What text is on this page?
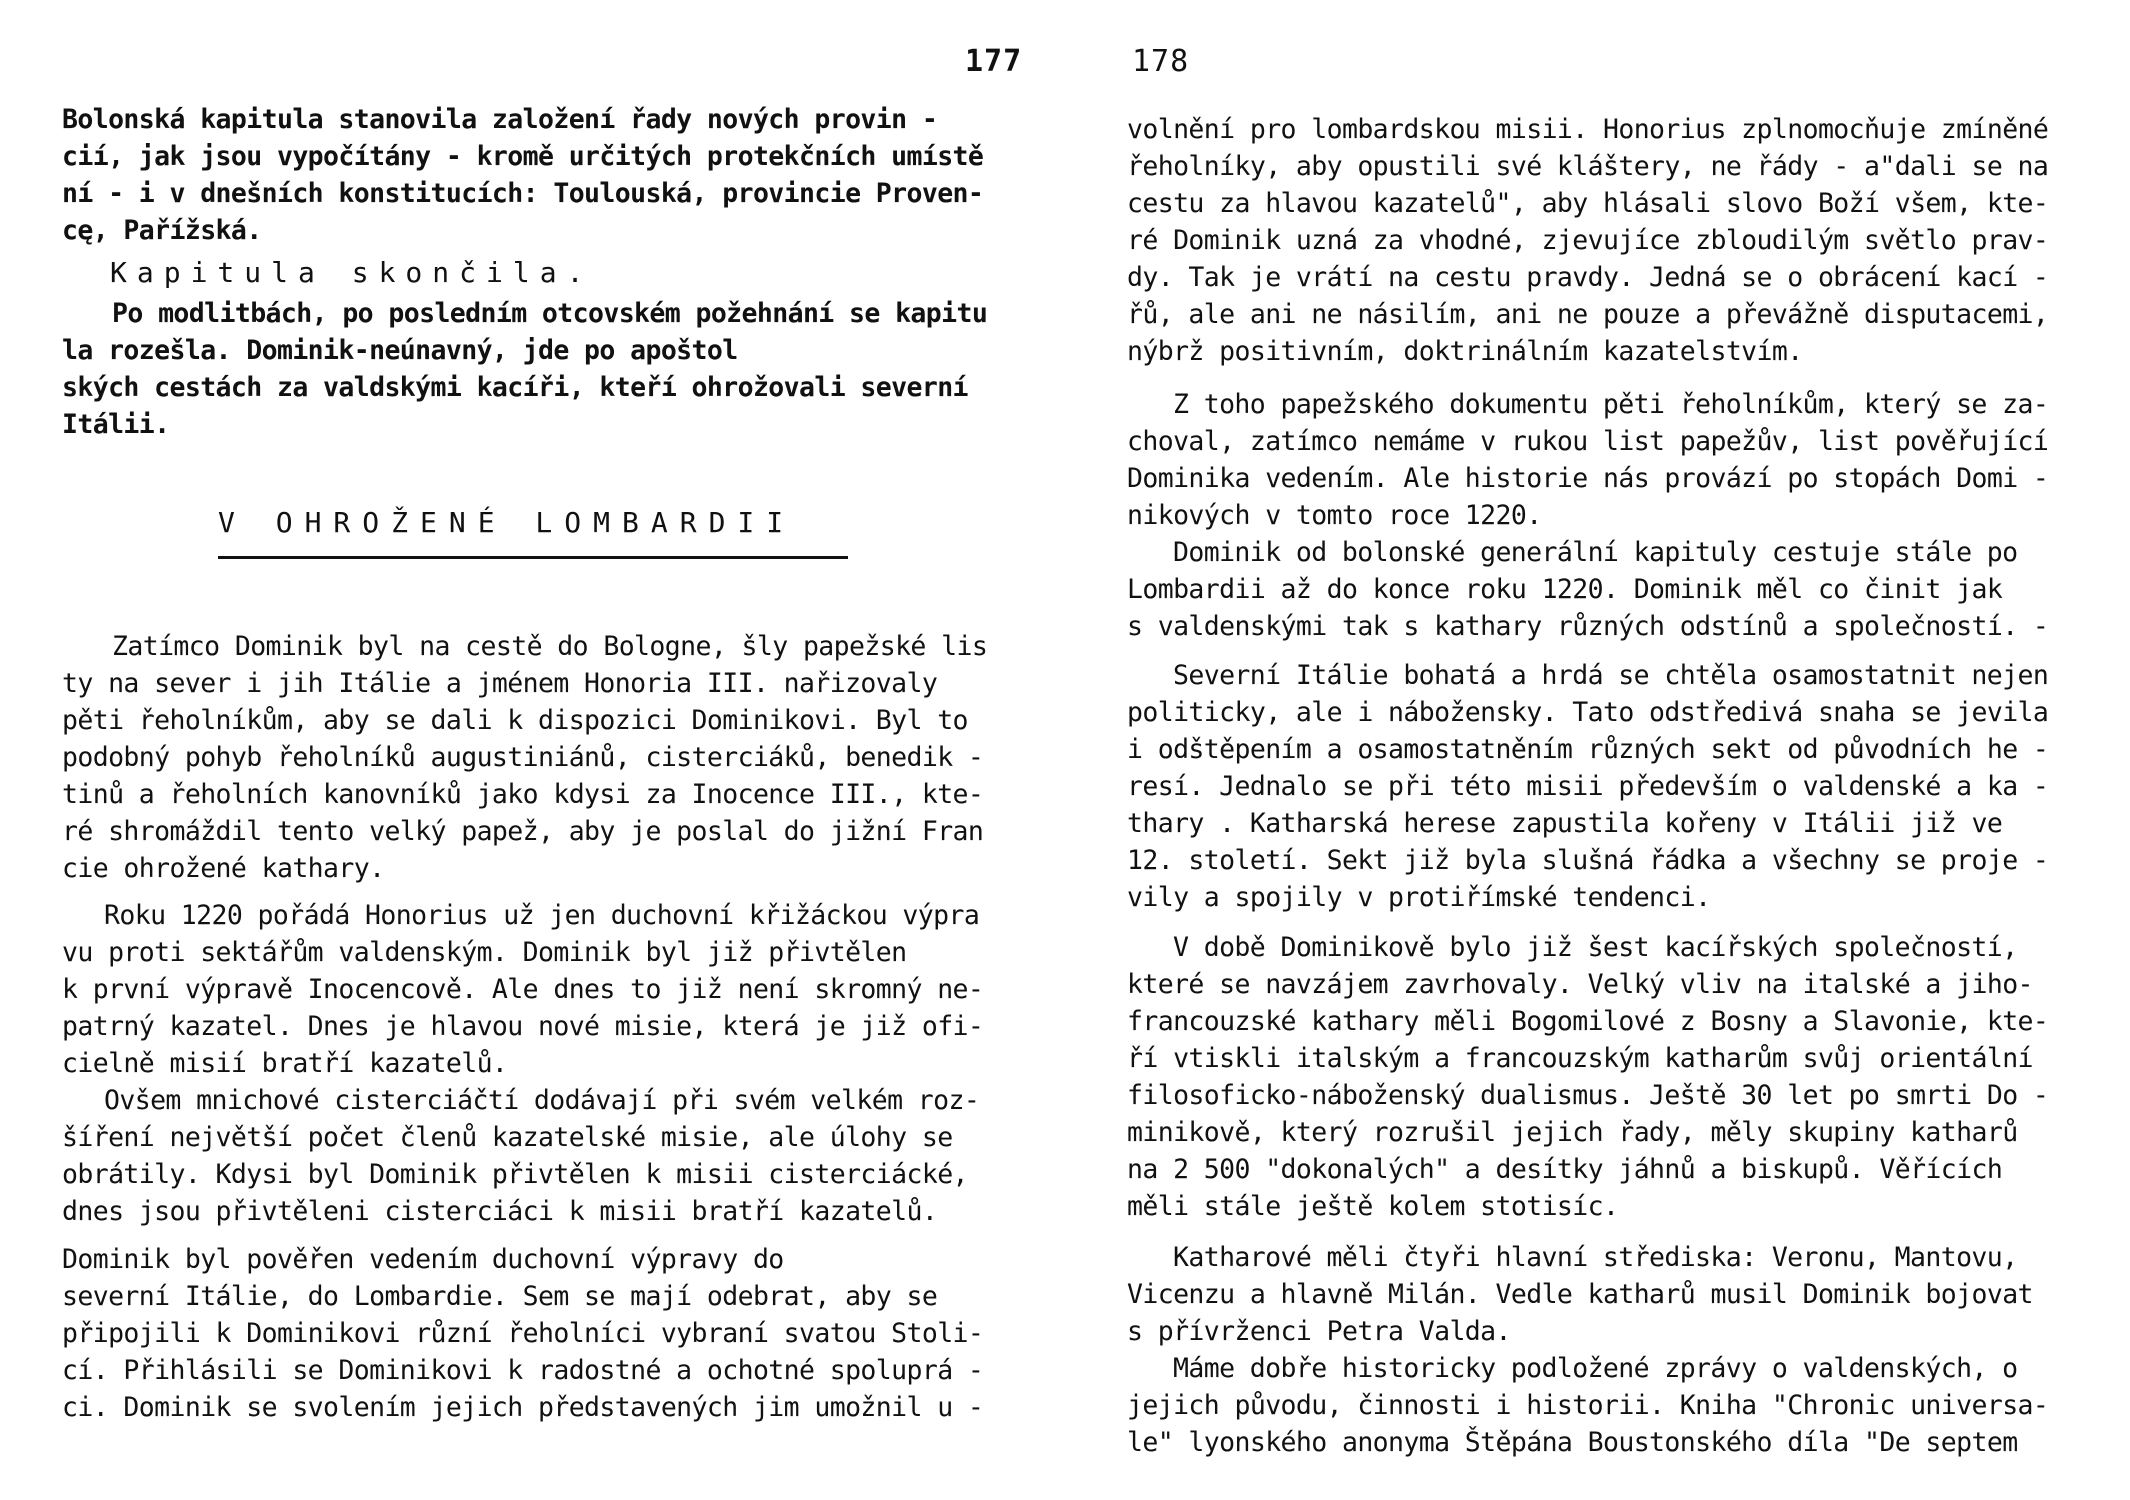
177
Bolonská kapitula stanovila založení řady nových provin -
cií, jak jsou vypočítány - kromě určitých protekčních umístě
ní - i v dnešních konstitucích: Toulouská, provincie Proven-
cę, Pařížská.
Kapitula skončila.
Po modlitbách, po posledním otcovském požehnání se kapitu
la rozešla. Dominik-neúnavný, jde po apoštol
ských cestách za valdskými kacíři, kteří ohrožovali severní
Itálii.
V OHROŽENÉ LOMBARDII
Zatímco Dominik byl na cestě do Bologne, šly papežské lis
ty na sever i jih Itálie a jménem Honoria III. nařizovaly
pěti řeholníkům, aby se dali k dispozici Dominikovi. Byl to
podobný pohyb řeholníků augustiniánů, cisterciáků, benedik -
tinů a řeholních kanovníků jako kdysi za Inocence III., kte-
ré shromáždil tento velký papež, aby je poslal do jižní Fran
cie ohrožené kathary.
Roku 1220 pořádá Honorius už jen duchovní křižáckou výpra
vu proti sektářům valdenským. Dominik byl již přivtělen
k první výpravě Inocencově. Ale dnes to již není skromný ne-
patrný kazatel. Dnes je hlavou nové misie, která je již ofi-
cielně misií bratří kazatelů.
Ovšem mnichové cisterciáčtí dodávají při svém velkém roz-
šíření největší počet členů kazatelské misie, ale úlohy se
obrátily. Kdysi byl Dominik přivtělen k misii cisterciácké,
dnes jsou přivtěleni cisterciáci k misii bratří kazatelů.
Dominik byl pověřen vedením duchovní výpravy do
severní Itálie, do Lombardie. Sem se mají odebrat, aby se
připojili k Dominikovi různí řeholníci vybraní svatou Stoli-
cí. Přihlásili se Dominikovi k radostné a ochotné spoluprá -
ci. Dominik se svolením jejich představených jim umožnil u -
178
volnění pro lombardskou misii. Honorius zplnomocňuje zmíněné
řeholníky, aby opustili své kláštery, ne řády - a"dali se na
cestu za hlavou kazatelů", aby hlásali slovo Boží všem, kte-
ré Dominik uzná za vhodné, zjevujíce zbloudilým světlo prav-
dy. Tak je vrátí na cestu pravdy. Jedná se o obrácení kací -
řů, ale ani ne násilím, ani ne pouze a převážně disputacemi,
nýbrž positivním, doktrinálním kazatelstvím.
Z toho papežského dokumentu pěti řeholníkům, který se za-
choval, zatímco nemáme v rukou list papežův, list pověřující
Dominika vedením. Ale historie nás provází po stopách Domi -
nikových v tomto roce 1220.
Dominik od bolonské generální kapituly cestuje stále po
Lombardii až do konce roku 1220. Dominik měl co činit jak
s valdenskými tak s kathary různých odstínů a společností. -
Severní Itálie bohatá a hrdá se chtěla osamostatnit nejen
politicky, ale i nábožensky. Tato odstředivá snaha se jevila
i odštěpením a osamostatněním různých sekt od původních he -
resí. Jednalo se při této misii především o valdenské a ka -
thary . Katharská herese zapustila kořeny v Itálii již ve
12. století. Sekt již byla slušná řádka a všechny se proje -
vily a spojily v protiřímské tendenci.
V době Dominikově bylo již šest kacířských společností,
které se navzájem zavrhovaly. Velký vliv na italské a jiho-
francouzské kathary měli Bogomilové z Bosny a Slavonie, kte-
ří vtiskli italským a francouzským katharům svůj orientální
filosoficko-náboženský dualismus. Ještě 30 let po smrti Do -
minikově, který rozrušil jejich řady, měly skupiny katharů
na 2 500 "dokonalých" a desítky jáhnů a biskupů. Věřících
měli stále ještě kolem stotisíc.
Katharové měli čtyři hlavní střediska: Veronu, Mantovu,
Vicenzu a hlavně Milán. Vedle katharů musil Dominik bojovat
s přívrženci Petra Valda.
Máme dobře historicky podložené zprávy o valdenských, o
jejich původu, činnosti i historii. Kniha "Chronic universa-
le" lyonského anonyma Štěpána Boustonského díla "De septem
